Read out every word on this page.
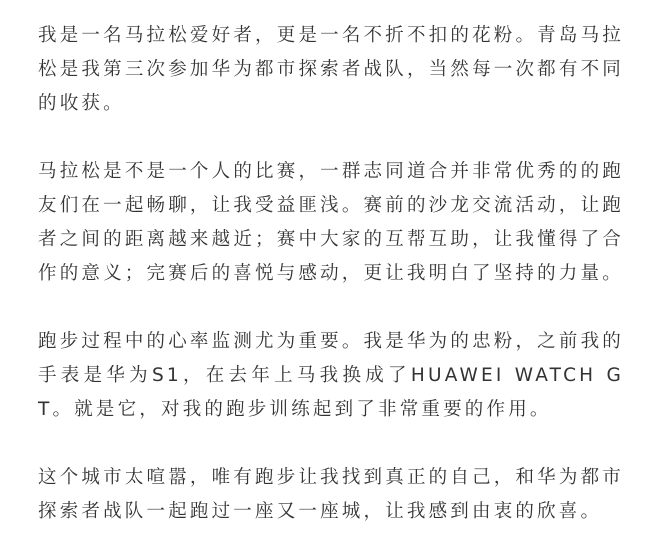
我是一名马拉松爱好者，更是一名不折不扣的花粉。青岛马拉松是我第三次参加华为都市探索者战队，当然每一次都有不同的收获。

马拉松是不是一个人的比赛，一群志同道合并非常优秀的的跑友们在一起畅聊，让我受益匪浅。赛前的沙龙交流活动，让跑者之间的距离越来越近；赛中大家的互帮互助，让我懂得了合作的意义；完赛后的喜悦与感动，更让我明白了坚持的力量。

跑步过程中的心率监测尤为重要。我是华为的忠粉，之前我的手表是华为S1，在去年上马我换成了HUAWEI WATCH GT。就是它，对我的跑步训练起到了非常重要的作用。

这个城市太喧嚣，唯有跑步让我找到真正的自己，和华为都市探索者战队一起跑过一座又一座城，让我感到由衷的欣喜。
